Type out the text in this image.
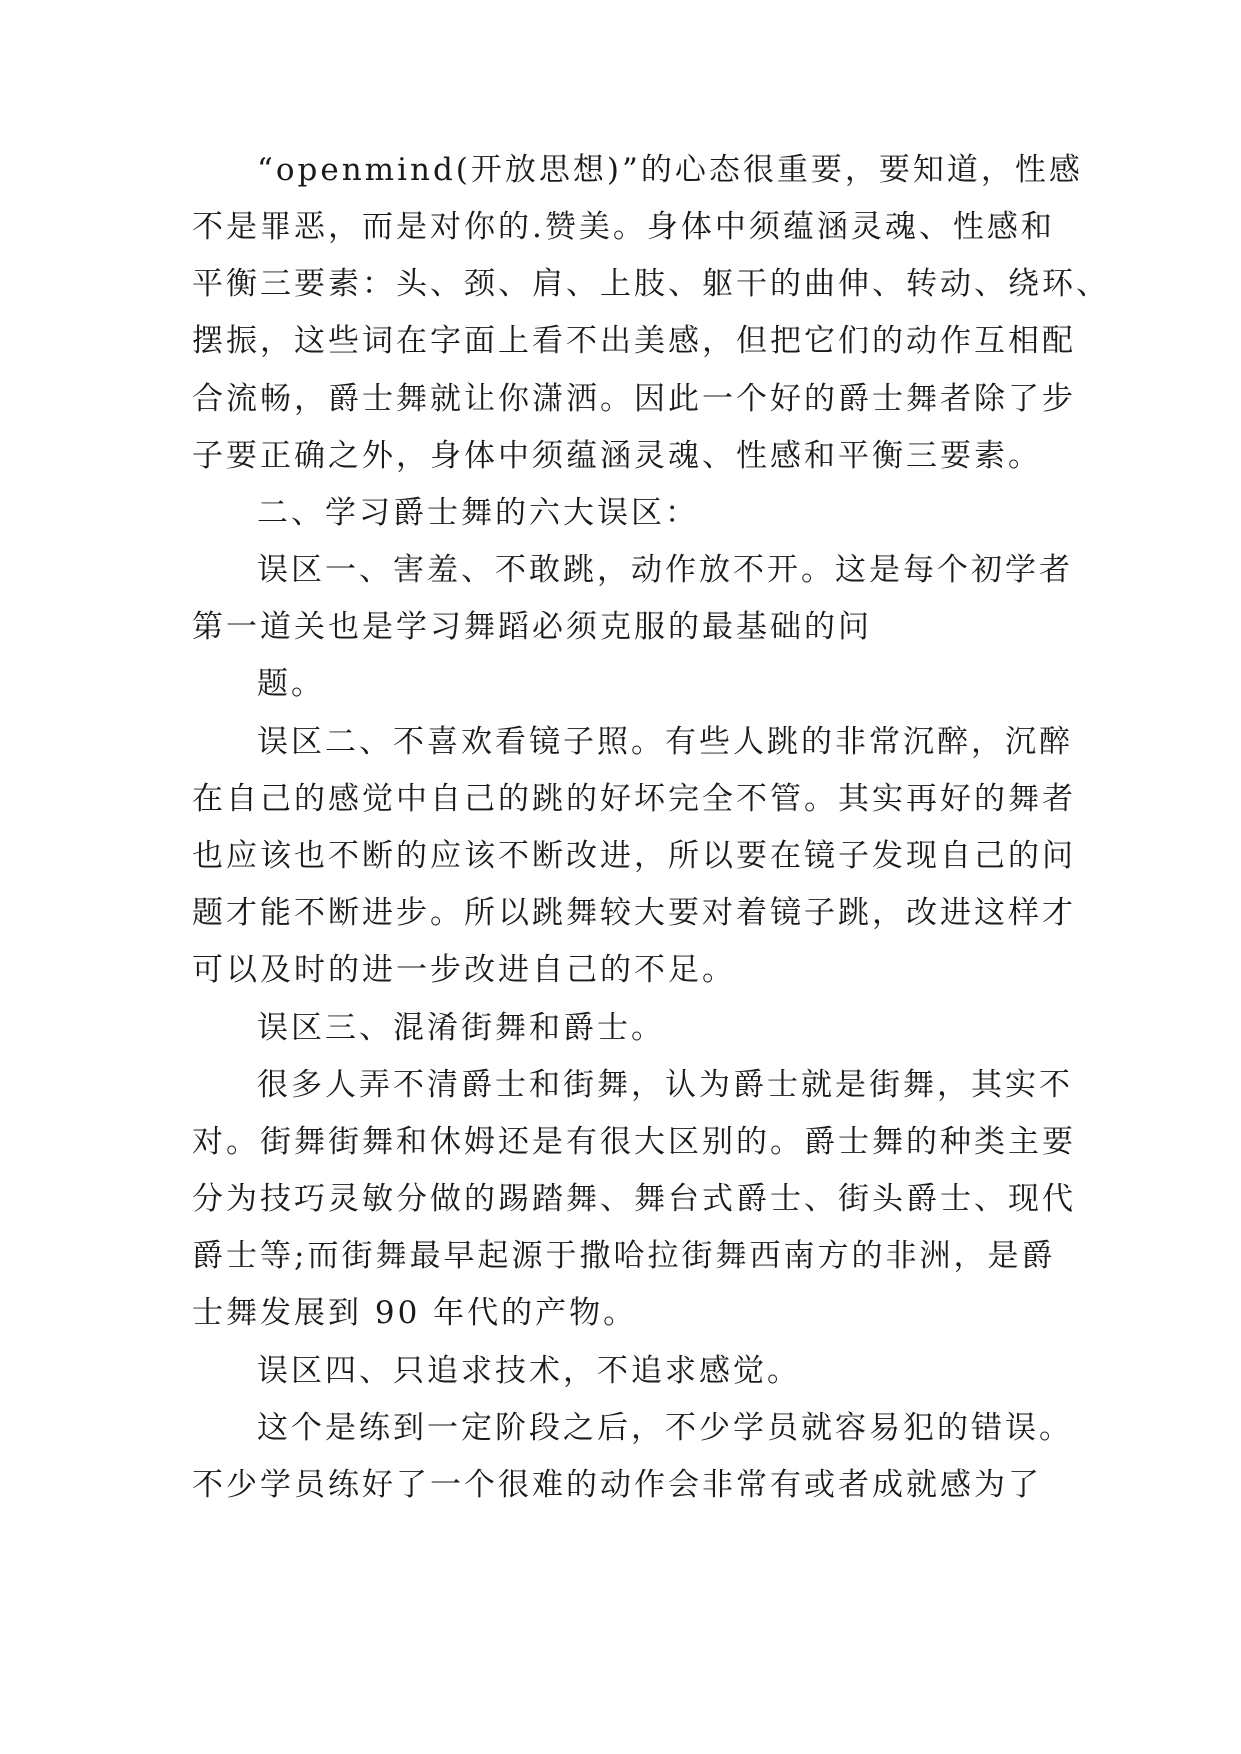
“openmind(开放思想)”的心态很重要，要知道，性感
不是罪恶，而是对你的.赞美。身体中须蕴涵灵魂、性感和
平衡三要素：头、颈、肩、上肢、躯干的曲伸、转动、绕环、
摆振，这些词在字面上看不出美感，但把它们的动作互相配
合流畅，爵士舞就让你潇洒。因此一个好的爵士舞者除了步
子要正确之外，身体中须蕴涵灵魂、性感和平衡三要素。
二、学习爵士舞的六大误区：
误区一、害羞、不敢跳，动作放不开。这是每个初学者
第一道关也是学习舞蹈必须克服的最基础的问
题。
误区二、不喜欢看镜子照。有些人跳的非常沉醉，沉醉
在自己的感觉中自己的跳的好坏完全不管。其实再好的舞者
也应该也不断的应该不断改进，所以要在镜子发现自己的问
题才能不断进步。所以跳舞较大要对着镜子跳，改进这样才
可以及时的进一步改进自己的不足。
误区三、混淆街舞和爵士。
很多人弄不清爵士和街舞，认为爵士就是街舞，其实不
对。街舞街舞和休姆还是有很大区别的。爵士舞的种类主要
分为技巧灵敏分做的踢踏舞、舞台式爵士、街头爵士、现代
爵士等;而街舞最早起源于撒哈拉街舞西南方的非洲，是爵
士舞发展到 90 年代的产物。
误区四、只追求技术，不追求感觉。
这个是练到一定阶段之后，不少学员就容易犯的错误。
不少学员练好了一个很难的动作会非常有或者成就感为了
